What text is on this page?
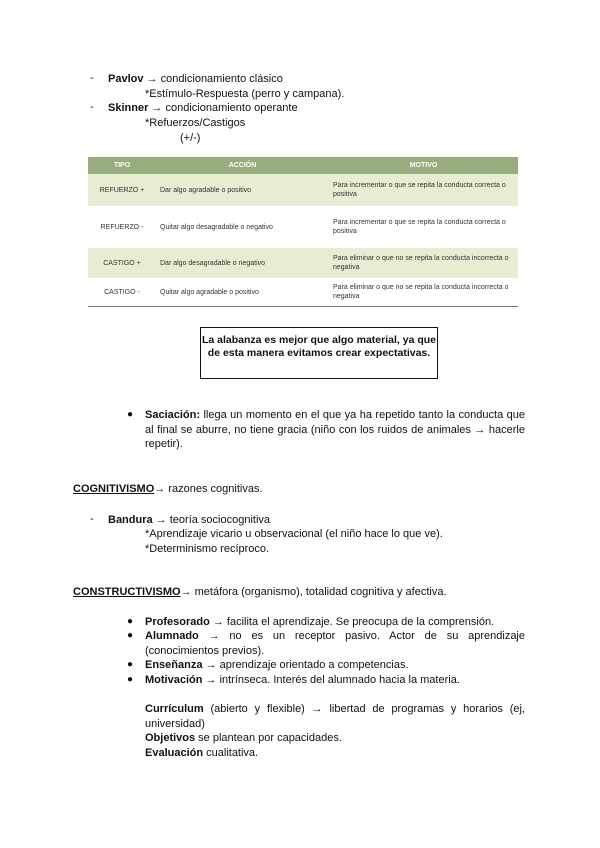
- Pavlov → condicionamiento clásico
*Estímulo-Respuesta (perro y campana).
- Skinner → condicionamiento operante
*Refuerzos/Castigos
(+/-)
TIPO	ACCIÓN	MOTIVO
REFUERZO +	Dar algo agradable o positivo	Para incrementar o que se repita la conducta correcta o positiva
REFUERZO -	Quitar algo desagradable o negativo	Para incrementar o que se repita la conducta correcta o positiva
CASTIGO +	Dar algo desagradable o negativo	Para eliminar o que no se repita la conducta incorrecta o negativa
CASTIGO -	Quitar algo agradable o positivo	Para eliminar o que no se repita la conducta incorrecta o negativa
La alabanza es mejor que algo material, ya que de esta manera evitamos crear expectativas.
● Saciación: llega un momento en el que ya ha repetido tanto la conducta que al final se aburre, no tiene gracia (niño con los ruidos de animales → hacerle repetir).
COGNITIVISMO→ razones cognitivas.
- Bandura → teoría sociocognitiva
*Aprendizaje vicario u observacional (el niño hace lo que ve).
*Determinismo recíproco.
CONSTRUCTIVISMO→ metáfora (organismo), totalidad cognitiva y afectiva.
● Profesorado → facilita el aprendizaje. Se preocupa de la comprensión.
● Alumnado → no es un receptor pasivo. Actor de su aprendizaje (conocimientos previos).
● Enseñanza → aprendizaje orientado a competencias.
● Motivación → intrínseca. Interés del alumnado hacia la materia.
Currículum (abierto y flexible) → libertad de programas y horarios (ej, universidad)
Objetivos se plantean por capacidades.
Evaluación cualitativa.
